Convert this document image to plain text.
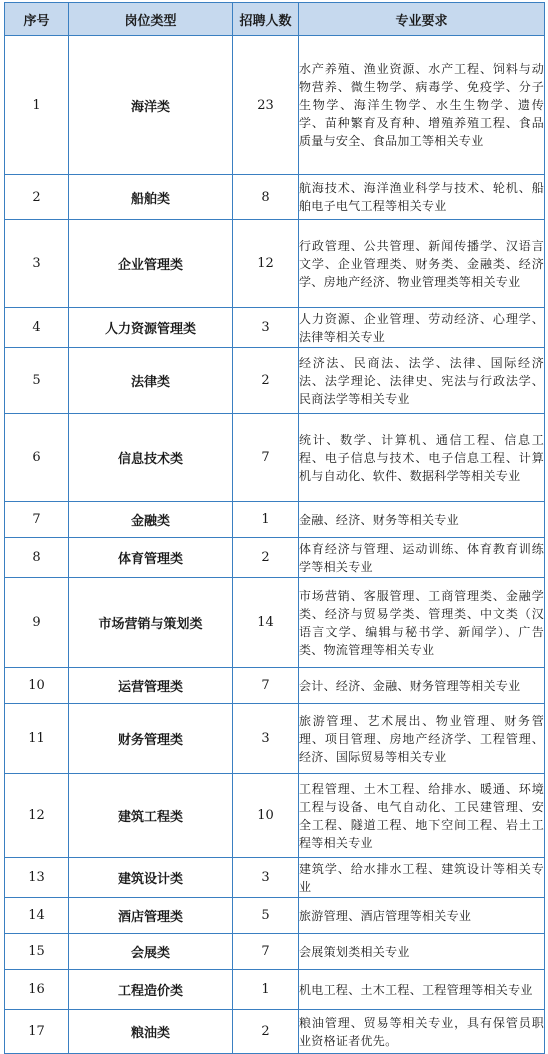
序号	岗位类型	招聘人数	专业要求
1	海洋类	23	水产养殖、渔业资源、水产工程、饲料与动物营养、微生物学、病毒学、免疫学、分子生物学、海洋生物学、水生生物学、遗传学、苗种繁育及育种、增殖养殖工程、食品质量与安全、食品加工等相关专业
2	船舶类	8	航海技术、海洋渔业科学与技术、轮机、船舶电子电气工程等相关专业
3	企业管理类	12	行政管理、公共管理、新闻传播学、汉语言文学、企业管理类、财务类、金融类、经济学、房地产经济、物业管理类等相关专业
4	人力资源管理类	3	人力资源、企业管理、劳动经济、心理学、法律等相关专业
5	法律类	2	经济法、民商法、法学、法律、国际经济法、法学理论、法律史、宪法与行政法学、民商法学等相关专业
6	信息技术类	7	统计、数学、计算机、通信工程、信息工程、电子信息与技术、电子信息工程、计算机与自动化、软件、数据科学等相关专业
7	金融类	1	金融、经济、财务等相关专业
8	体育管理类	2	体育经济与管理、运动训练、体育教育训练学等相关专业
9	市场营销与策划类	14	市场营销、客服管理、工商管理类、金融学类、经济与贸易学类、管理类、中文类（汉语言文学、编辑与秘书学、新闻学）、广告类、物流管理等相关专业
10	运营管理类	7	会计、经济、金融、财务管理等相关专业
11	财务管理类	3	旅游管理、艺术展出、物业管理、财务管理、项目管理、房地产经济学、工程管理、经济、国际贸易等相关专业
12	建筑工程类	10	工程管理、土木工程、给排水、暖通、环境工程与设备、电气自动化、工民建管理、安全工程、隧道工程、地下空间工程、岩土工程等相关专业
13	建筑设计类	3	建筑学、给水排水工程、建筑设计等相关专业
14	酒店管理类	5	旅游管理、酒店管理等相关专业
15	会展类	7	会展策划类相关专业
16	工程造价类	1	机电工程、土木工程、工程管理等相关专业
17	粮油类	2	粮油管理、贸易等相关专业，具有保管员职业资格证者优先。
